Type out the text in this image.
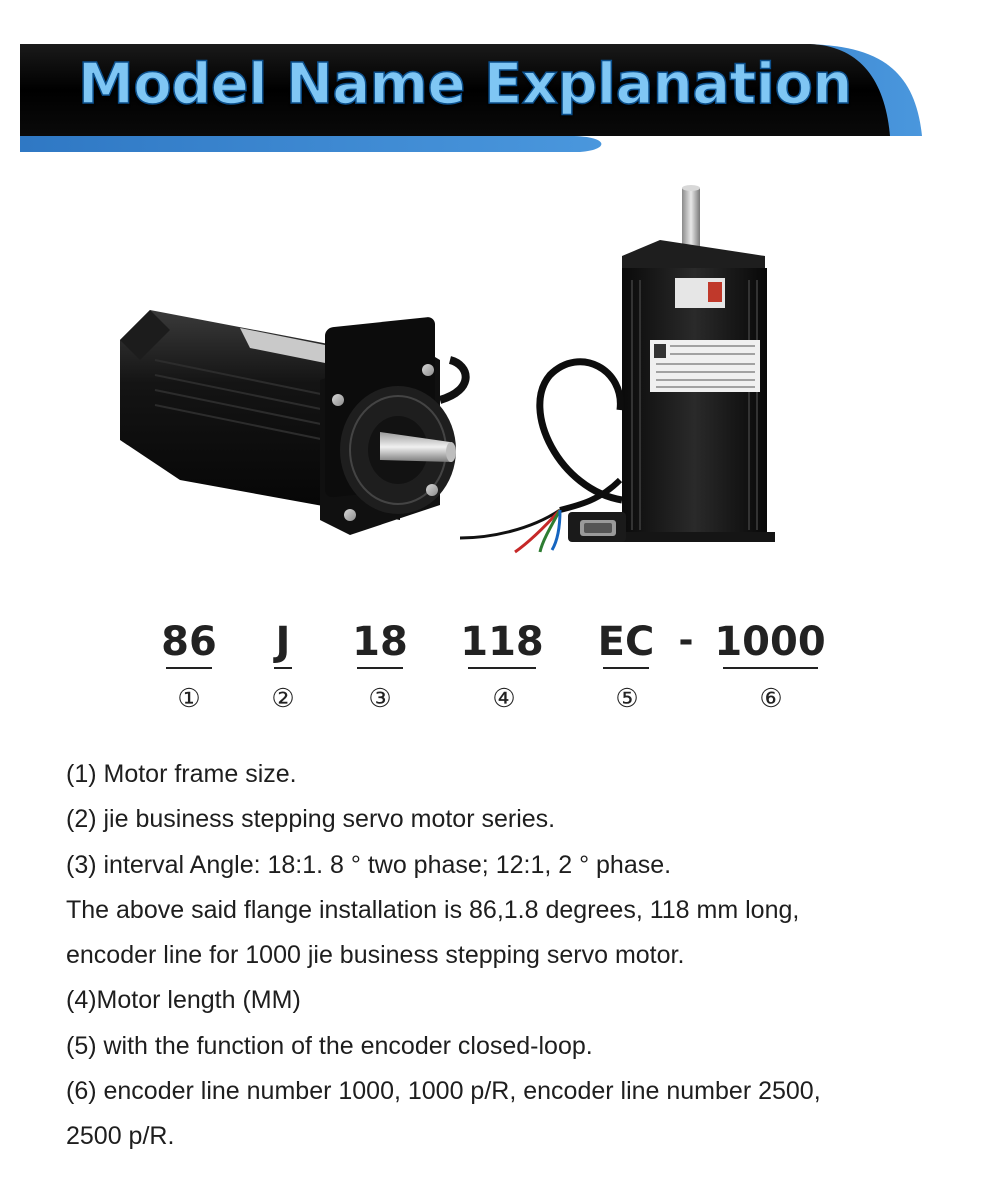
Model Name Explanation
86 J 18 118 EC - 1000
①	②	③	④	⑤	⑥

(1) Motor frame size.

(2) jie business stepping servo motor series.

(3) interval Angle: 18:1. 8 ° two phase; 12:1, 2 ° phase.

The above said flange installation is 86,1.8 degrees, 118 mm long,

encoder line for 1000 jie business stepping servo motor.

(4)Motor length (MM)

(5) with the function of the encoder closed-loop.

(6) encoder line number 1000, 1000 p/R, encoder line number 2500,

2500 p/R.
